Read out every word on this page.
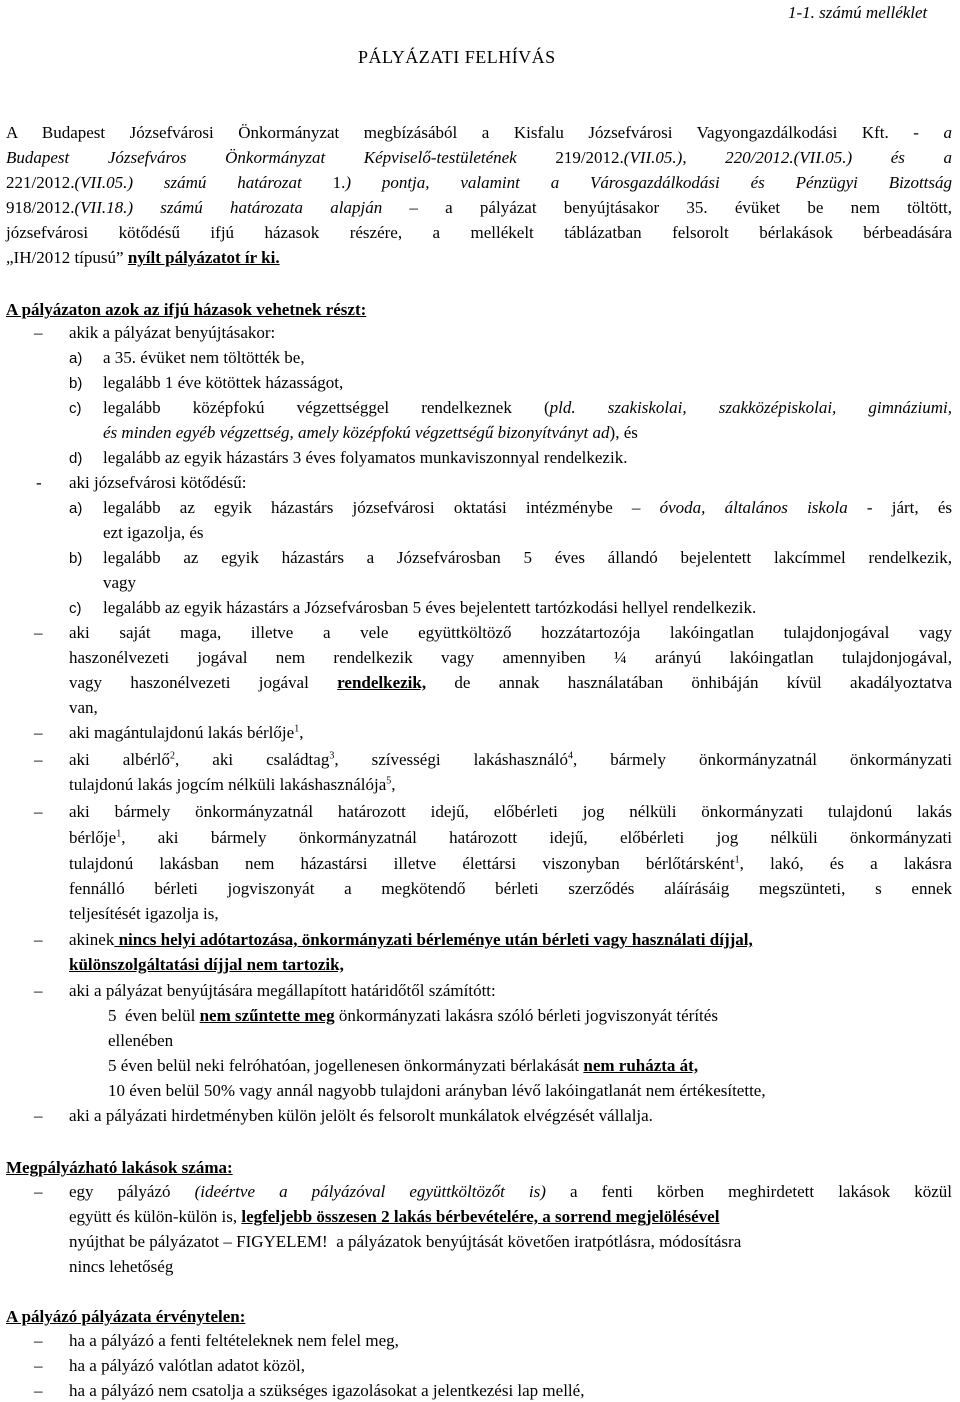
1-1. számú melléklet
PÁLYÁZATI FELHÍVÁS
A Budapest Józsefvárosi Önkormányzat megbízásából a Kisfalu Józsefvárosi Vagyongazdálkodási Kft. - a
Budapest Józsefváros Önkormányzat Képviselő-testületének 219/2012.(VII.05.), 220/2012.(VII.05.) és a
221/2012.(VII.05.) számú határozat 1.) pontja, valamint a Városgazdálkodási és Pénzügyi Bizottság
918/2012.(VII.18.) számú határozata alapján – a pályázat benyújtásakor 35. évüket be nem töltött,
józsefvárosi kötődésű ifjú házasok részére, a mellékelt táblázatban felsorolt bérlakások bérbeadására
„IH/2012 típusú” nyílt pályázatot ír ki.
A pályázaton azok az ifjú házasok vehetnek részt:
– akik a pályázat benyújtásakor:
a) a 35. évüket nem töltötték be,
b) legalább 1 éve kötöttek házasságot,
c) legalább középfokú végzettséggel rendelkeznek (pld. szakiskolai, szakközépiskolai, gimnáziumi,
és minden egyéb végzettség, amely középfokú végzettségű bizonyítványt ad), és
d) legalább az egyik házastárs 3 éves folyamatos munkaviszonnyal rendelkezik.
- aki józsefvárosi kötődésű:
a) legalább az egyik házastárs józsefvárosi oktatási intézménybe – óvoda, általános iskola - járt, és
ezt igazolja, és
b) legalább az egyik házastárs a Józsefvárosban 5 éves állandó bejelentett lakcímmel rendelkezik,
vagy
c) legalább az egyik házastárs a Józsefvárosban 5 éves bejelentett tartózkodási hellyel rendelkezik.
– aki saját maga, illetve a vele együttköltöző hozzátartozója lakóingatlan tulajdonjogával vagy
haszonélvezeti jogával nem rendelkezik vagy amennyiben ¼ arányú lakóingatlan tulajdonjogával,
vagy haszonélvezeti jogával rendelkezik, de annak használatában önhibáján kívül akadályoztatva
van,
– aki magántulajdonú lakás bérlője$^1$,
– aki albérlő$^2$, aki családtag$^3$, szívességi lakáshasználó$^4$, bármely önkormányzatnál önkormányzati
tulajdonú lakás jogcím nélküli lakáshasználója$^5$,
– aki bármely önkormányzatnál határozott idejű, előbérleti jog nélküli önkormányzati tulajdonú lakás
bérlője$^1$, aki bármely önkormányzatnál határozott idejű, előbérleti jog nélküli önkormányzati
tulajdonú lakásban nem házastársi illetve élettársi viszonyban bérlőtársként$^1$, lakó, és a lakásra
fennálló bérleti jogviszonyát a megkötendő bérleti szerződés aláírásáig megszünteti, s ennek
teljesítését igazolja is,
– akinek nincs helyi adótartozása, önkormányzati bérleménye után bérleti vagy használati díjjal,
különszolgáltatási díjjal nem tartozik,
– aki a pályázat benyújtására megállapított határidőtől számítótt:
5  éven belül nem szűntette meg önkormányzati lakásra szóló bérleti jogviszonyát térítés
ellenében
5 éven belül neki felróhatóan, jogellenesen önkormányzati bérlakását nem ruházta át,
10 éven belül 50% vagy annál nagyobb tulajdoni arányban lévő lakóingatlanát nem értékesítette,
– aki a pályázati hirdetményben külön jelölt és felsorolt munkálatok elvégzését vállalja.
Megpályázható lakások száma:
– egy pályázó (ideértve a pályázóval együttköltözőt is) a fenti körben meghirdetett lakások közül
együtt és külön-külön is, legfeljebb összesen 2 lakás bérbevételére, a sorrend megjelölésével
nyújthat be pályázatot – FIGYELEM!  a pályázatok benyújtását követően iratpótlásra, módosításra
nincs lehetőség
A pályázó pályázata érvénytelen:
– ha a pályázó a fenti feltételeknek nem felel meg,
– ha a pályázó valótlan adatot közöl,
– ha a pályázó nem csatolja a szükséges igazolásokat a jelentkezési lap mellé,
